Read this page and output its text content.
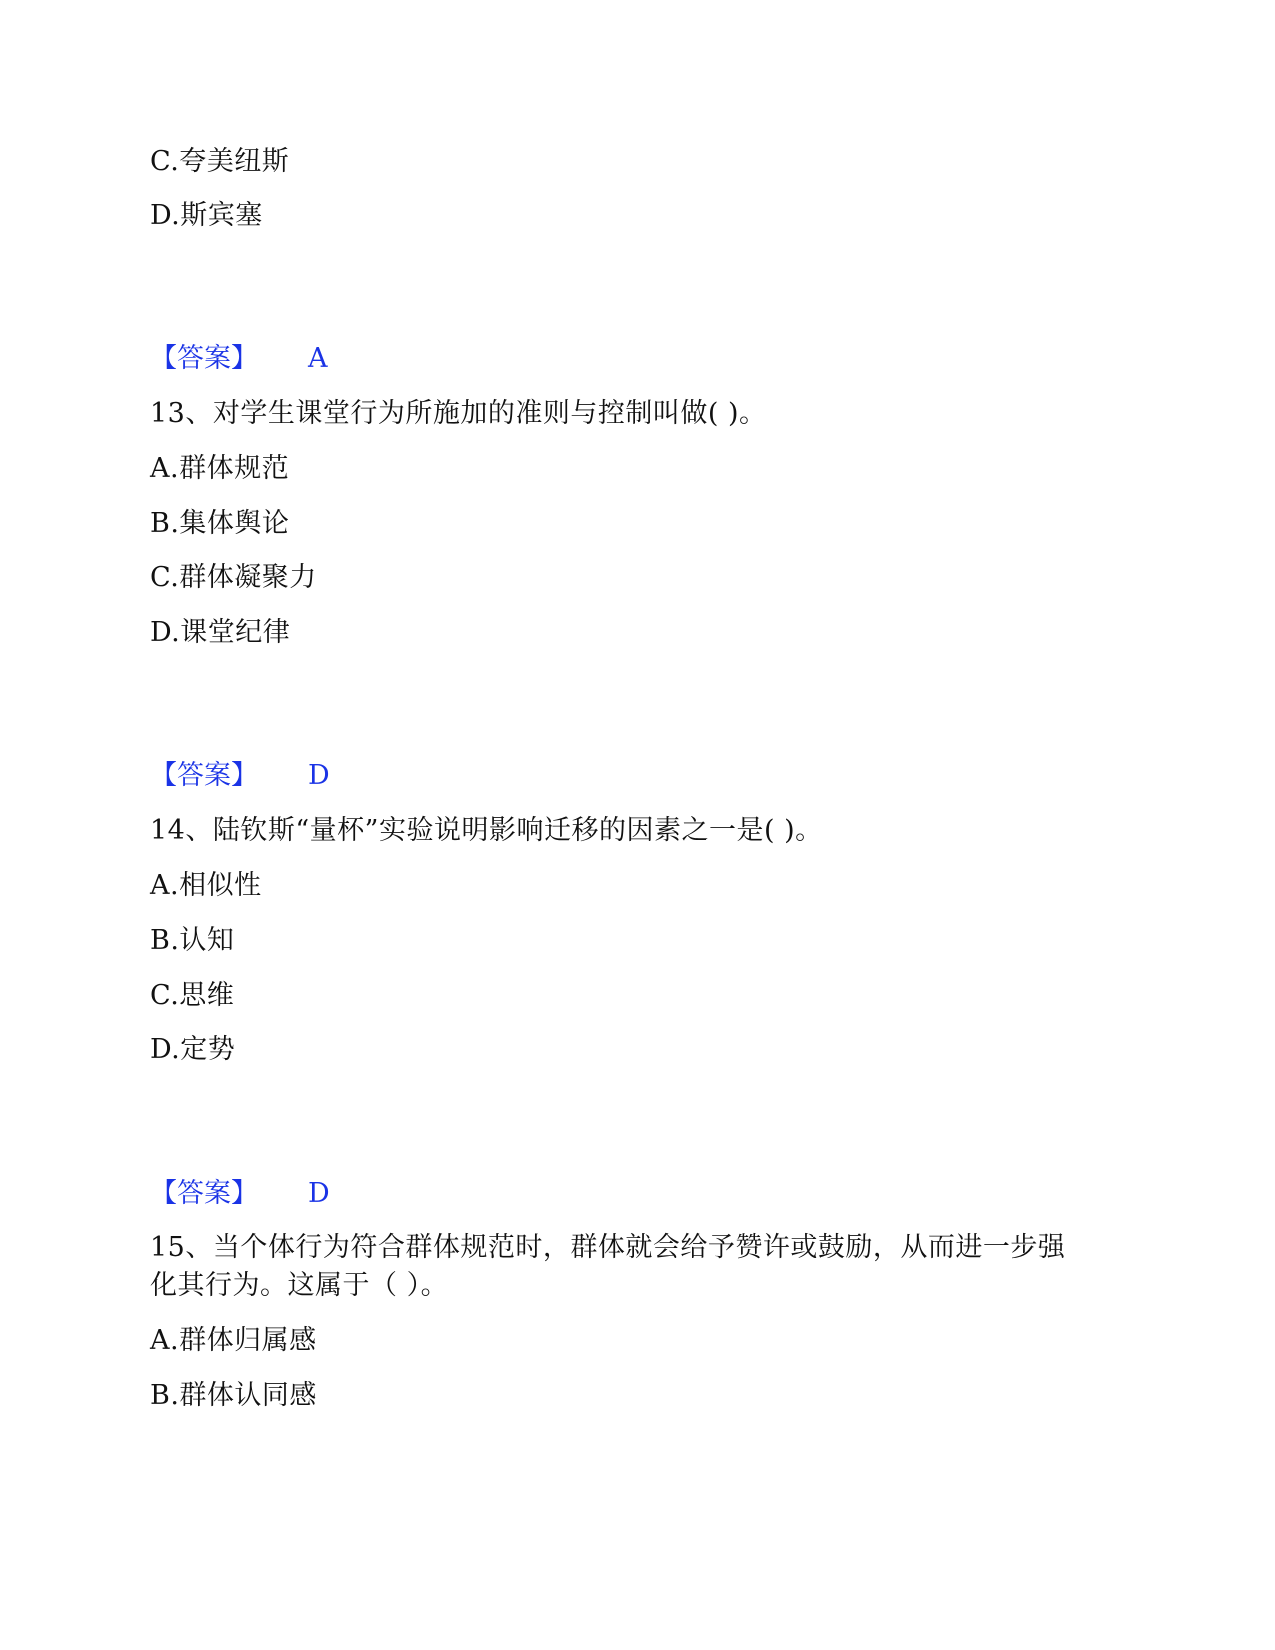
C.夸美纽斯
D.斯宾塞
【答案】 A
13、对学生课堂行为所施加的准则与控制叫做( )。
A.群体规范
B.集体舆论
C.群体凝聚力
D.课堂纪律
【答案】 D
14、陆钦斯“量杯”实验说明影响迁移的因素之一是( )。
A.相似性
B.认知
C.思维
D.定势
【答案】 D
15、当个体行为符合群体规范时，群体就会给予赞许或鼓励，从而进一步强
化其行为。这属于（ ）。
A.群体归属感
B.群体认同感
